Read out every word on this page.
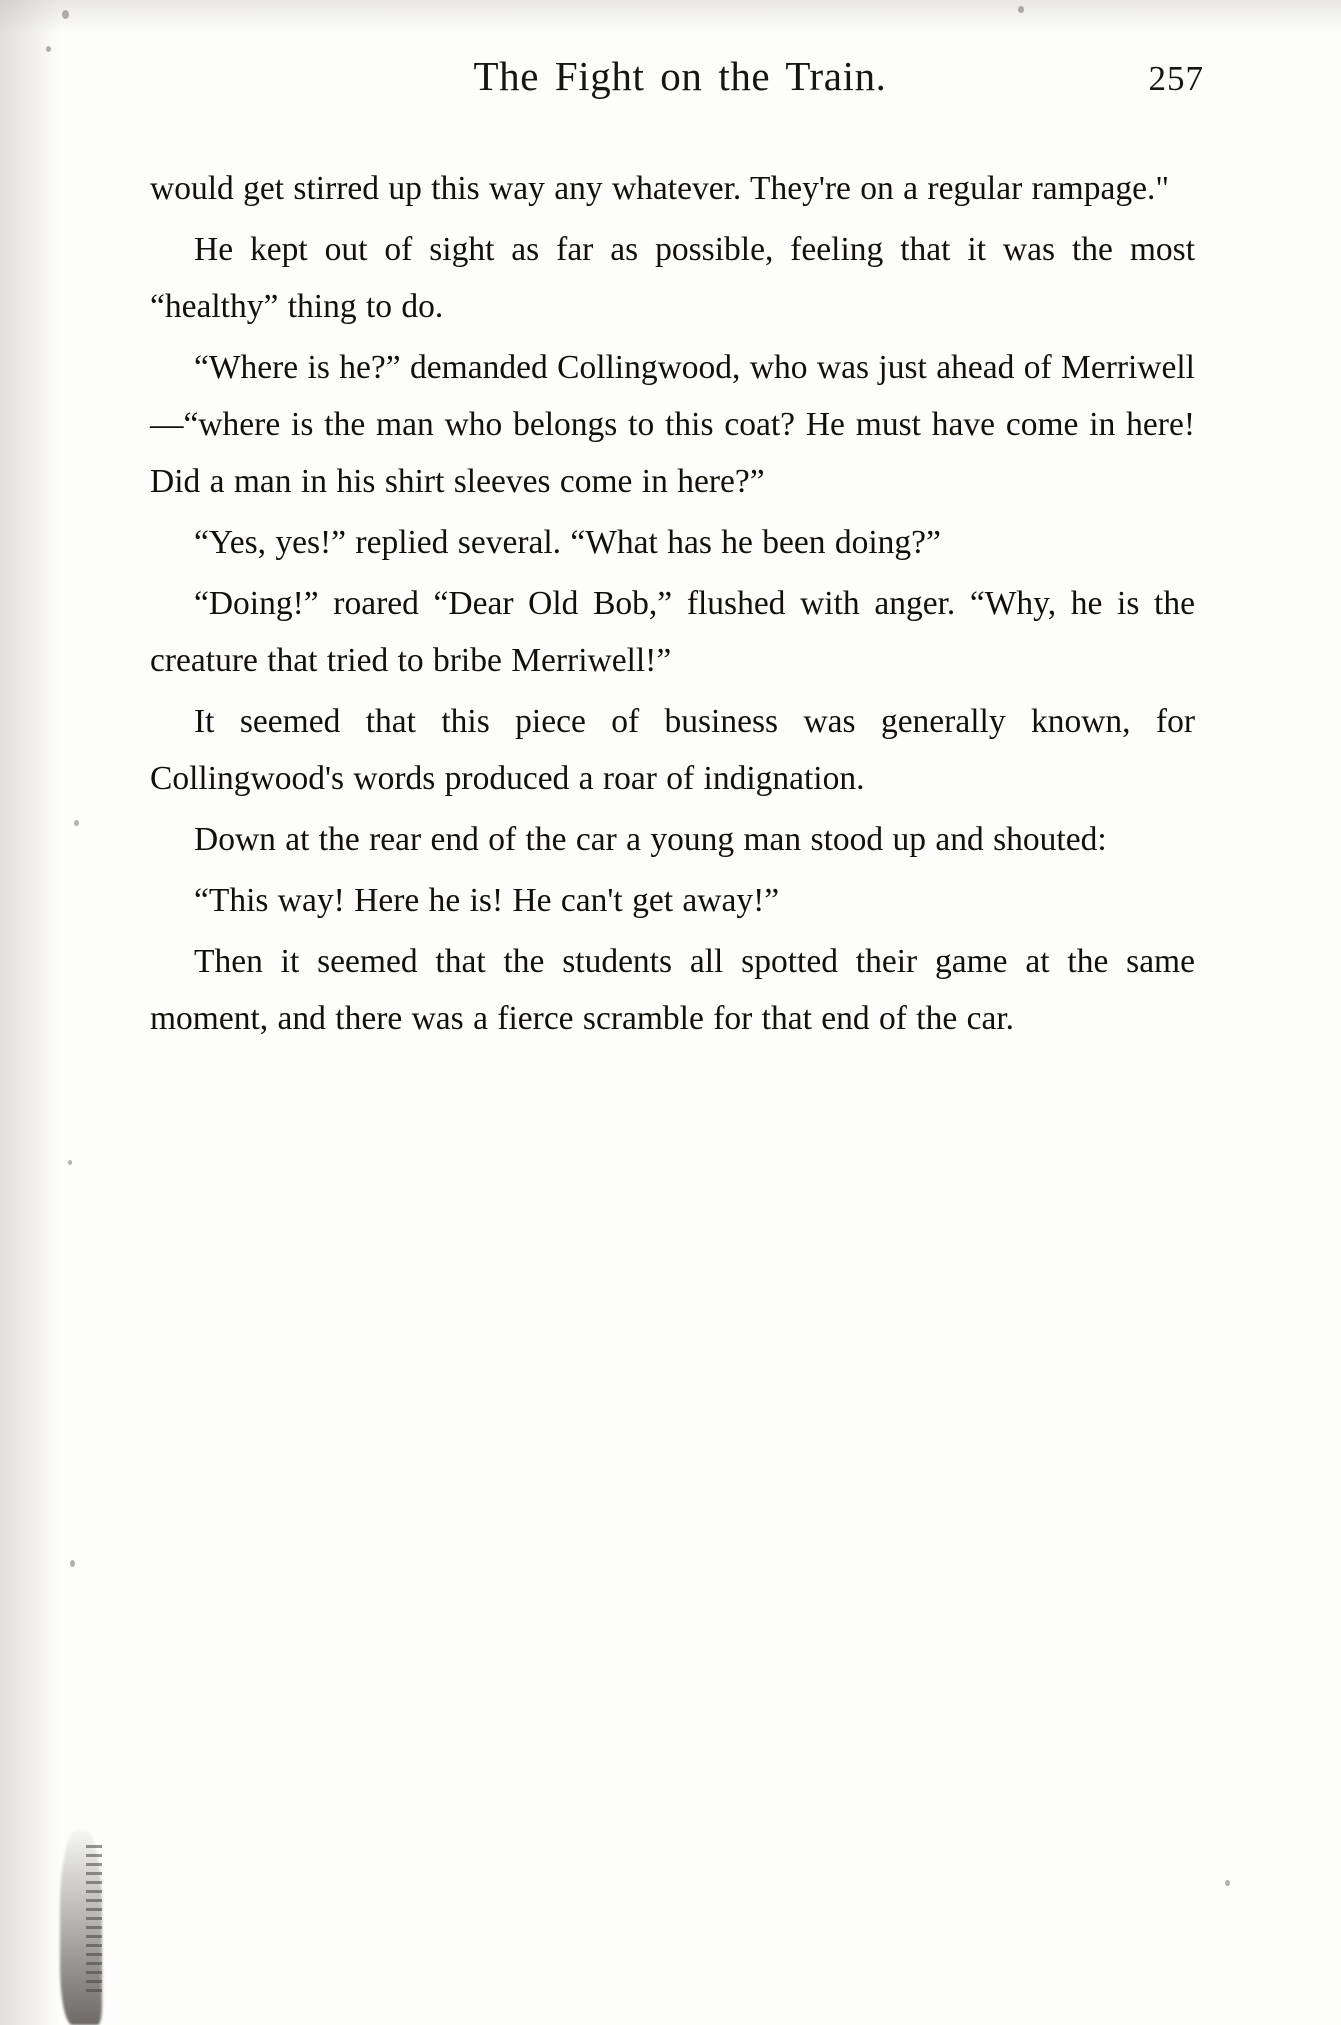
The Fight on the Train.	257

would get stirred up this way any whatever. They're on a regular rampage."

He kept out of sight as far as possible, feeling that it was the most “healthy” thing to do.

“Where is he?” demanded Collingwood, who was just ahead of Merriwell—“where is the man who belongs to this coat? He must have come in here! Did a man in his shirt sleeves come in here?”

“Yes, yes!” replied several. “What has he been doing?”

“Doing!” roared “Dear Old Bob,” flushed with anger. “Why, he is the creature that tried to bribe Merriwell!”

It seemed that this piece of business was generally known, for Collingwood's words produced a roar of indignation.

Down at the rear end of the car a young man stood up and shouted:

“This way! Here he is! He can't get away!”

Then it seemed that the students all spotted their game at the same moment, and there was a fierce scramble for that end of the car.
